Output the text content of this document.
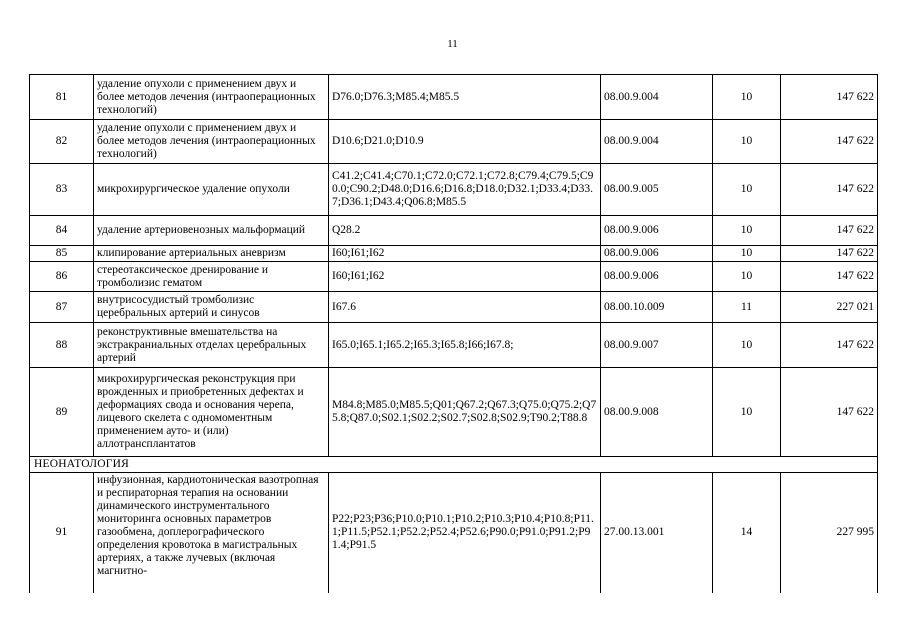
11
81	удаление опухоли с применением двух и более методов лечения (интраоперационных технологий)	D76.0;D76.3;M85.4;M85.5	08.00.9.004	10	147 622
82	удаление опухоли с применением двух и более методов лечения (интраоперационных технологий)	D10.6;D21.0;D10.9	08.00.9.004	10	147 622
83	микрохирургическое удаление опухоли	C41.2;C41.4;C70.1;C72.0;C72.1;C72.8;C79.4;C79.5;C90.0;C90.2;D48.0;D16.6;D16.8;D18.0;D32.1;D33.4;D33.7;D36.1;D43.4;Q06.8;M85.5	08.00.9.005	10	147 622
84	удаление артериовенозных мальформаций	Q28.2	08.00.9.006	10	147 622
85	клипирование артериальных аневризм	I60;I61;I62	08.00.9.006	10	147 622
86	стереотаксическое дренирование и тромболизис гематом	I60;I61;I62	08.00.9.006	10	147 622
87	внутрисосудистый тромболизис церебральных артерий и синусов	I67.6	08.00.10.009	11	227 021
88	реконструктивные вмешательства на экстракраниальных отделах церебральных артерий	I65.0;I65.1;I65.2;I65.3;I65.8;I66;I67.8;	08.00.9.007	10	147 622
89	микрохирургическая реконструкция при врожденных и приобретенных дефектах и деформациях свода и основания черепа, лицевого скелета с одномоментным применением ауто- и (или) аллотрансплантатов	M84.8;M85.0;M85.5;Q01;Q67.2;Q67.3;Q75.0;Q75.2;Q75.8;Q87.0;S02.1;S02.2;S02.7;S02.8;S02.9;T90.2;T88.8	08.00.9.008	10	147 622
НЕОНАТОЛОГИЯ					
91	инфузионная, кардиотоническая вазотропная и респираторная терапия на основании динамического инструментального мониторинга основных параметров газообмена, доплерографического определения кровотока в магистральных артериях, а также лучевых (включая магнитно-	P22;P23;P36;P10.0;P10.1;P10.2;P10.3;P10.4;P10.8;P11.1;P11.5;P52.1;P52.2;P52.4;P52.6;P90.0;P91.0;P91.2;P91.4;P91.5	27.00.13.001	14	227 995
